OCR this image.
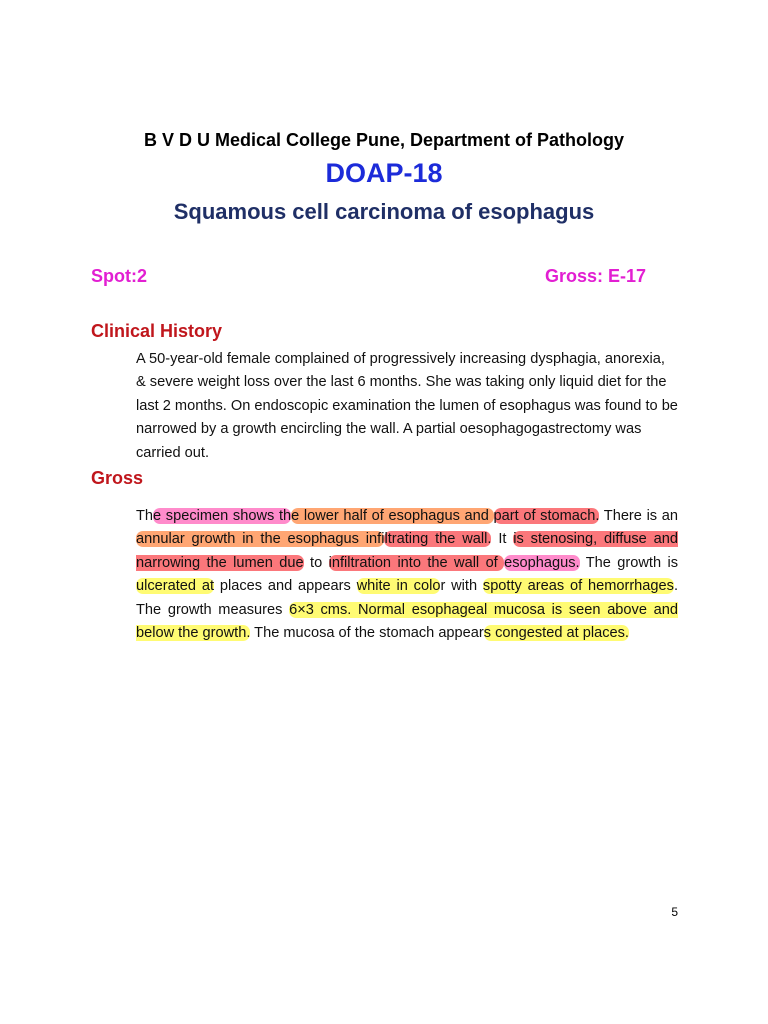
B V D U Medical College Pune, Department of Pathology
DOAP-18
Squamous cell carcinoma of esophagus
Spot:2	Gross: E-17
Clinical History
A 50-year-old female complained of progressively increasing dysphagia, anorexia, & severe weight loss over the last 6 months. She was taking only liquid diet for the last 2 months. On endoscopic examination the lumen of esophagus was found to be narrowed by a growth encircling the wall. A partial oesophagogastrectomy was carried out.
Gross
The specimen shows the lower half of esophagus and part of stomach. There is an annular growth in the esophagus infiltrating the wall. It is stenosing, diffuse and narrowing the lumen due to infiltration into the wall of esophagus. The growth is ulcerated at places and appears white in color with spotty areas of hemorrhages. The growth measures 6×3 cms. Normal esophageal mucosa is seen above and below the growth. The mucosa of the stomach appears congested at places.
5
